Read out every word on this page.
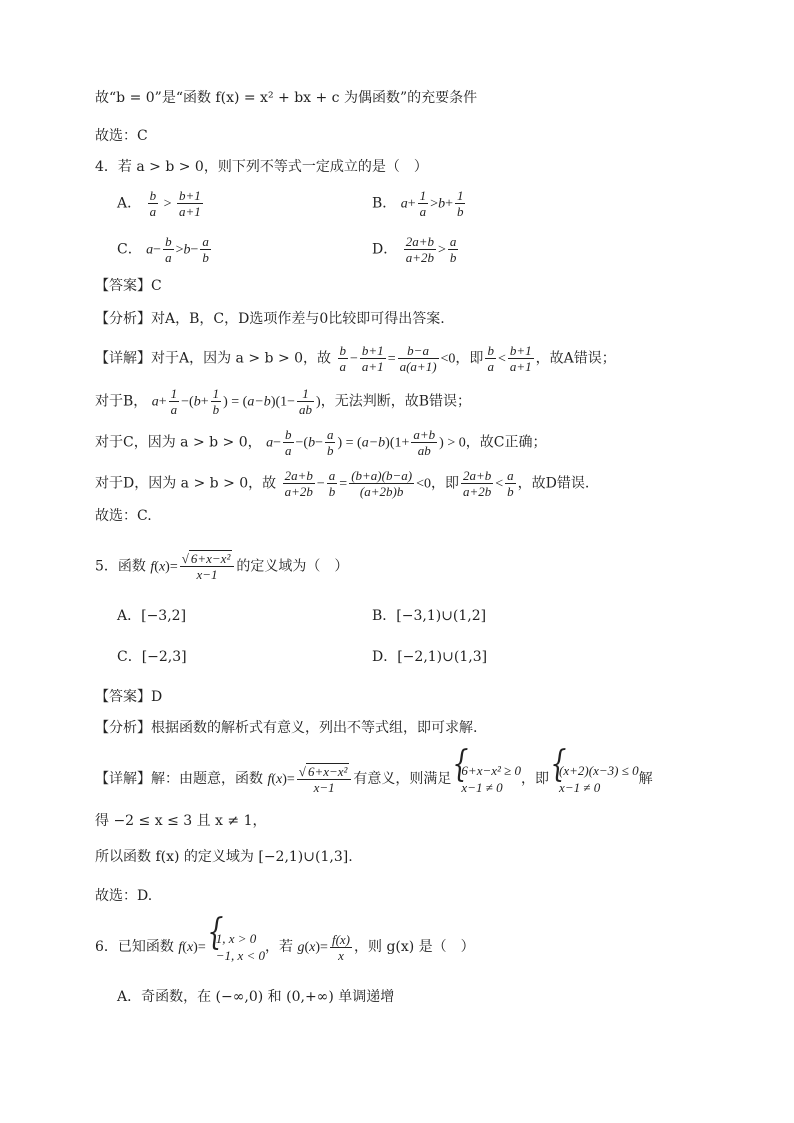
故“b = 0”是“函数 f(x) = x² + bx + c 为偶函数”的充要条件
故选：C
4．若 a > b > 0，则下列不等式一定成立的是（　）
A． $\frac{b}{a} > \frac{b+1}{a+1}$	B． $a+ \frac{1}{a} >b+ \frac{1}{b}$
C． $a- \frac{b}{a} >b- \frac{a}{b}$	D． $\frac{2a+b}{a+2b} > \frac{a}{b}$
【答案】C
【分析】对A，B，C，D选项作差与0比较即可得出答案.
【详解】对于A，因为 a > b > 0，故 $\frac{b}{a} - \frac{b+1}{a+1} = \frac{b-a}{a(a+1)} <0$，即 $\frac{b}{a} < \frac{b+1}{a+1}$ ，故A错误；
对于B， $a+ \frac{1}{a} -(b+ \frac{1}{b}$ ) = $(a-b)(1- \frac{1}{ab}$ )，无法判断，故B错误；
对于C，因为 a > b > 0， $a- \frac{b}{a} -(b- \frac{a}{b}$ ) = $(a-b)(1+ \frac{a+b}{ab}$ ) > 0，故C正确；
对于D，因为 a > b > 0，故 $\frac{2a+b}{a+2b} - \frac{a}{b} = \frac{(b+a)(b-a)}{(a+2b)b} <0$，即 $\frac{2a+b}{a+2b} < \frac{a}{b}$ ，故D错误.
故选：C.
5．函数 $f(x)= \frac{\text{√ 6+x−x²}}{x-1}$ 的定义域为（　）
A．[−3,2]	B．[−3,1)∪(1,2]
C．[−2,3]	D．[−2,1)∪(1,3]
【答案】D
【分析】根据函数的解析式有意义，列出不等式组，即可求解.
【详解】解：由题意，函数 $f(x)= \frac{\text{√ 6+x−x²}}{x-1}$ 有意义，则满足
{ 6+x−x² ≥ 0
x−1 ≠ 0
，即
{ (x+2)(x−3) ≤ 0
x−1 ≠ 0
解
得 −2 ≤ x ≤ 3 且 x ≠ 1，
所以函数 f(x) 的定义域为 [−2,1)∪(1,3].
故选：D.
6．已知函数 f(x)=
{ 1, x > 0
−1, x < 0
，若 $g(x)= \frac{f(x)}{x}$ ，则 g(x) 是（　）
A．奇函数，在 (−∞,0) 和 (0,+∞) 单调递增
